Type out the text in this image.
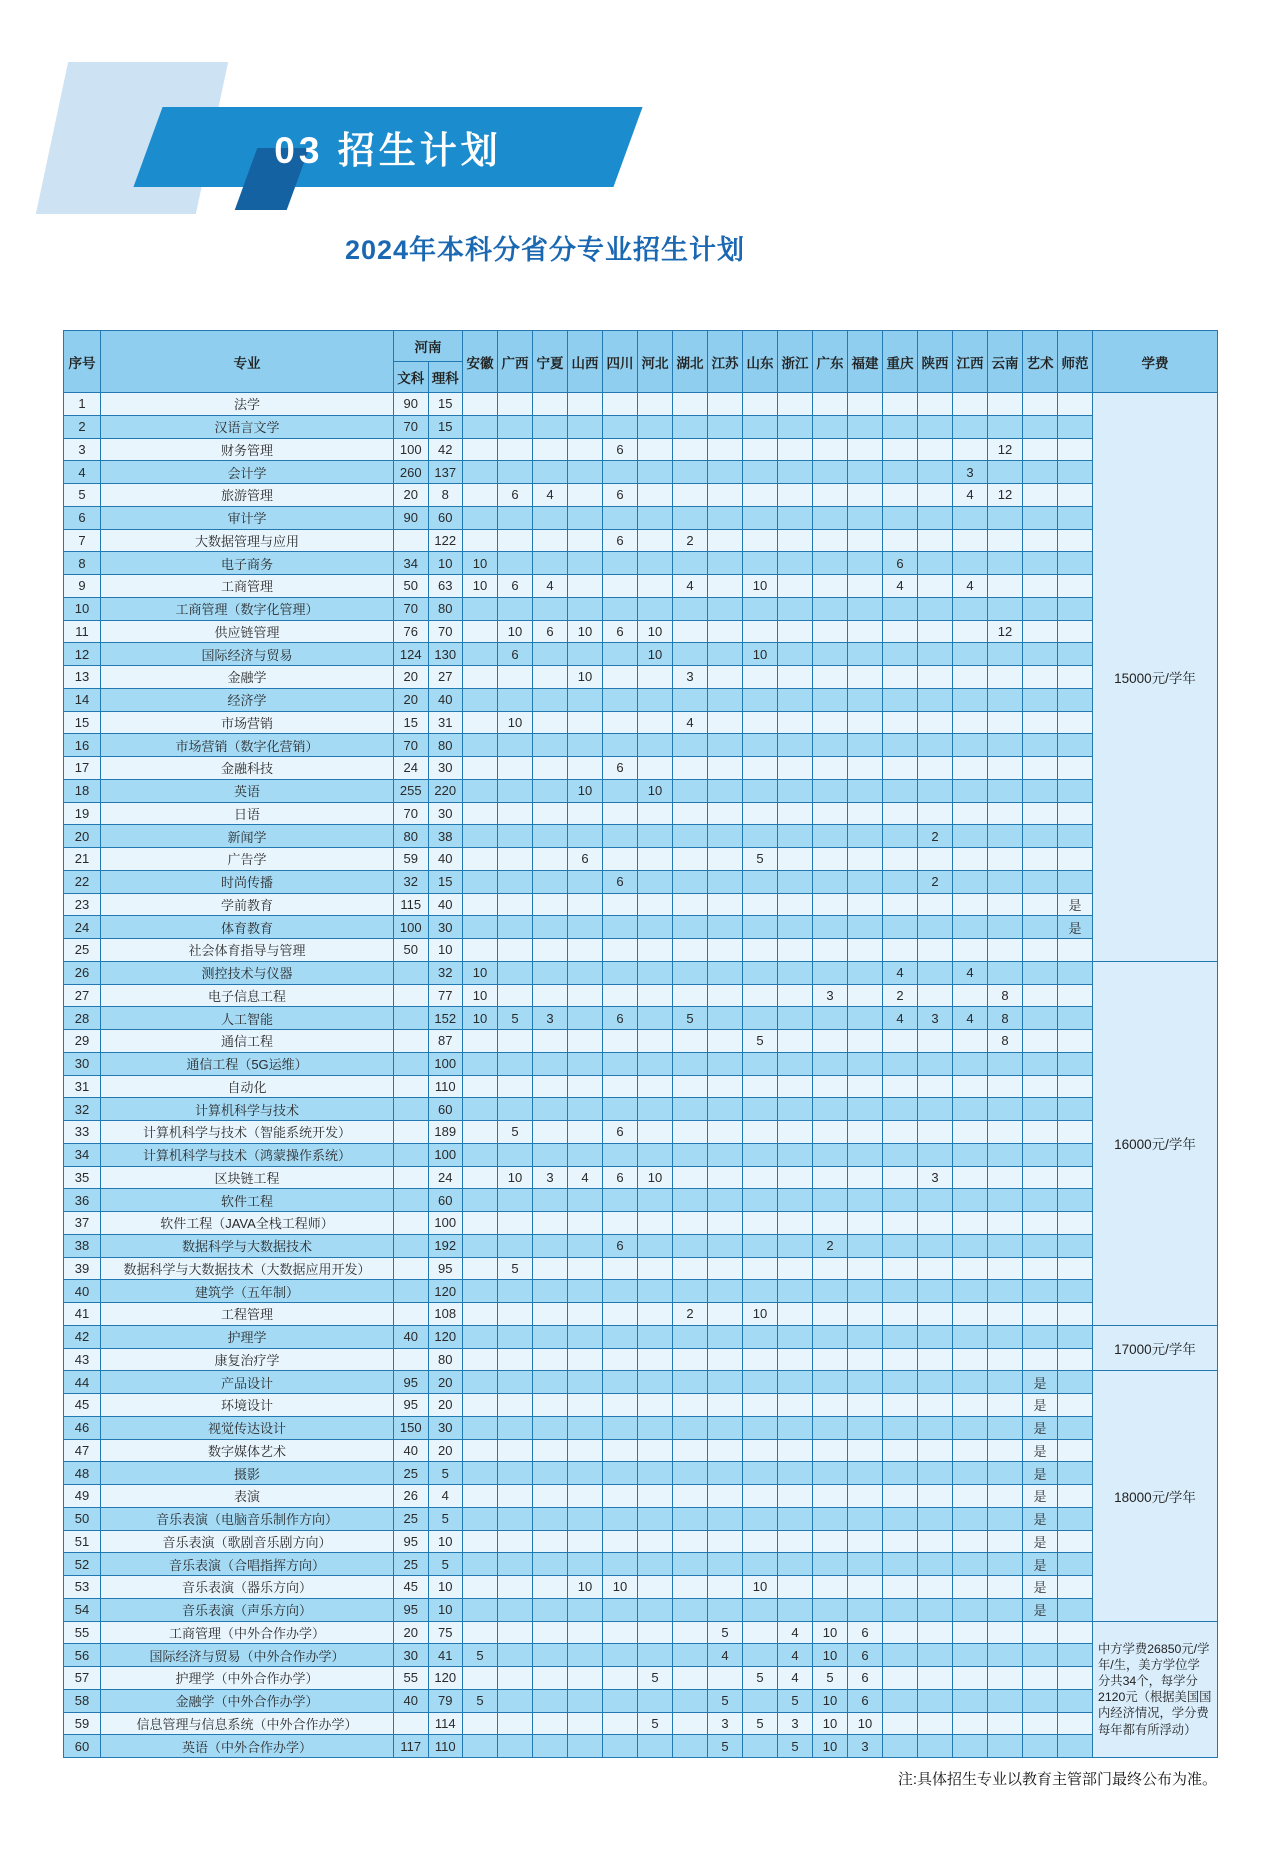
03 招生计划
2024年本科分省分专业招生计划
序号	专业	河南		安徽	广西	宁夏	山西	四川	河北	湖北	江苏	山东	浙江	广东	福建	重庆	陕西	江西	云南	艺术	师范	学费
		文科	理科																			
1	法学	90	15																			15000元/学年
2	汉语言文学	70	15																			
3	财务管理	100	42					6											12			
4	会计学	260	137															3				
5	旅游管理	20	8		6	4		6										4	12			
6	审计学	90	60																			
7	大数据管理与应用		122					6		2												
8	电子商务	34	10	10												6						
9	工商管理	50	63	10	6	4				4		10				4		4				
10	工商管理（数字化管理）	70	80																			
11	供应链管理	76	70		10	6	10	6	10										12			
12	国际经济与贸易	124	130		6				10			10										
13	金融学	20	27				10			3												
14	经济学	20	40																			
15	市场营销	15	31		10					4												
16	市场营销（数字化营销）	70	80																			
17	金融科技	24	30					6														
18	英语	255	220				10		10													
19	日语	70	30																			
20	新闻学	80	38														2					
21	广告学	59	40				6					5										
22	时尚传播	32	15					6									2					
23	学前教育	115	40																		是	
24	体育教育	100	30																		是	
25	社会体育指导与管理	50	10																			
26	测控技术与仪器		32	10												4		4				16000元/学年
27	电子信息工程		77	10										3		2			8			
28	人工智能		152	10	5	3		6		5						4	3	4	8			
29	通信工程		87									5							8			
30	通信工程（5G运维）		100																			
31	自动化		110																			
32	计算机科学与技术		60																			
33	计算机科学与技术（智能系统开发）		189		5			6														
34	计算机科学与技术（鸿蒙操作系统）		100																			
35	区块链工程		24		10	3	4	6	10								3					
36	软件工程		60																			
37	软件工程（JAVA全栈工程师）		100																			
38	数据科学与大数据技术		192					6						2								
39	数据科学与大数据技术（大数据应用开发）		95		5																	
40	建筑学（五年制）		120																			
41	工程管理		108							2		10										
42	护理学	40	120																			17000元/学年
43	康复治疗学		80																			
44	产品设计	95	20																	是		18000元/学年
45	环境设计	95	20																	是		
46	视觉传达设计	150	30																	是		
47	数字媒体艺术	40	20																	是		
48	摄影	25	5																	是		
49	表演	26	4																	是		
50	音乐表演（电脑音乐制作方向）	25	5																	是		
51	音乐表演（歌剧音乐剧方向）	95	10																	是		
52	音乐表演（合唱指挥方向）	25	5																	是		
53	音乐表演（器乐方向）	45	10				10	10				10								是		
54	音乐表演（声乐方向）	95	10																	是		
55	工商管理（中外合作办学）	20	75								5		4	10	6							中方学费26850元/学年/生，美方学位学分共34个，每学分2120元（根据美国国内经济情况，学分费每年都有所浮动）
56	国际经济与贸易（中外合作办学）	30	41	5							4		4	10	6							
57	护理学（中外合作办学）	55	120						5			5	4	5	6							
58	金融学（中外合作办学）	40	79	5							5		5	10	6							
59	信息管理与信息系统（中外合作办学）		114						5		3	5	3	10	10							
60	英语（中外合作办学）	117	110								5		5	10	3							
注:具体招生专业以教育主管部门最终公布为准。
